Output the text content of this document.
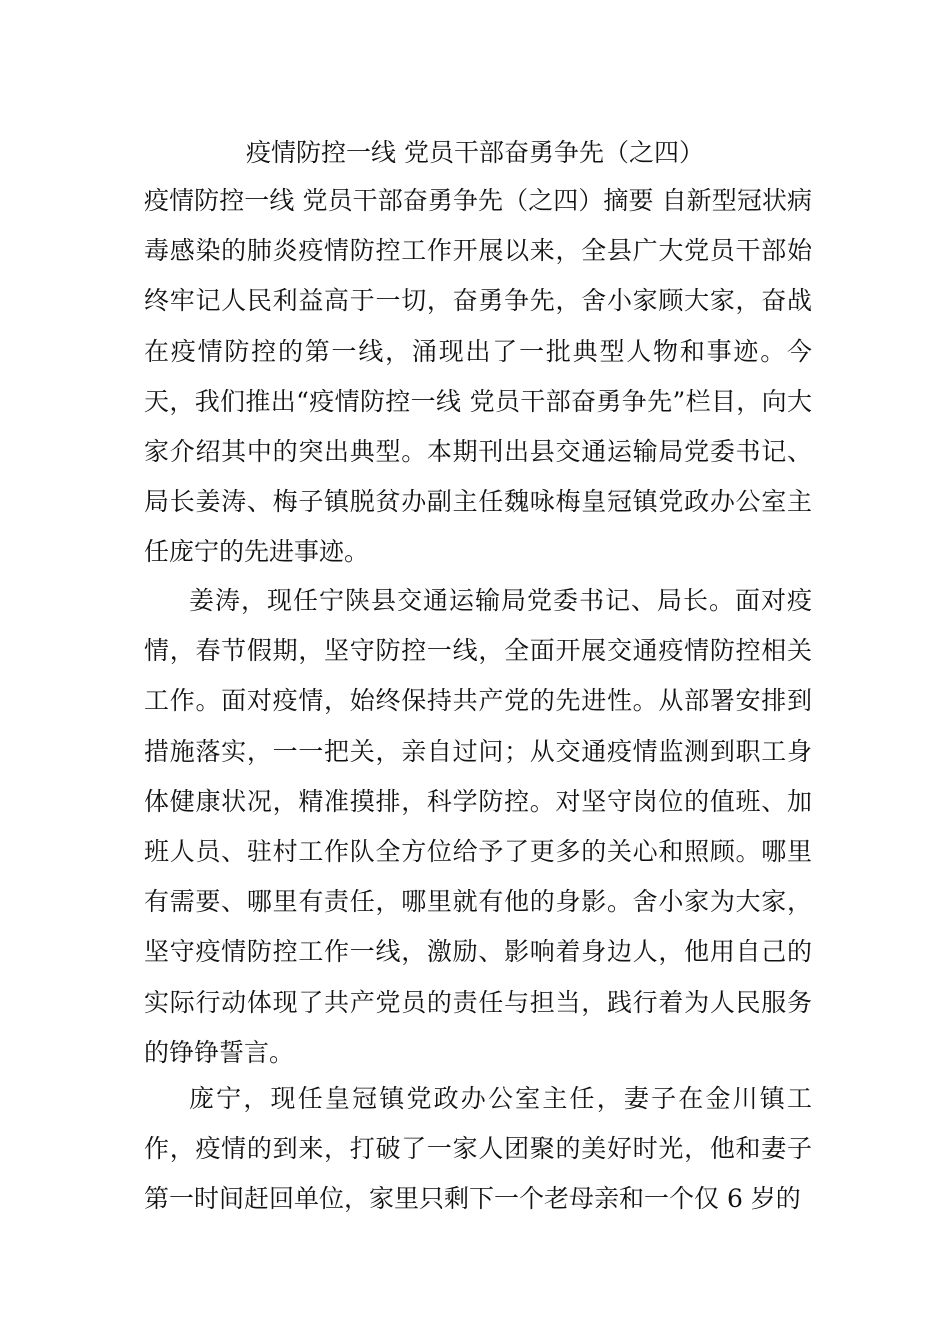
疫情防控一线 党员干部奋勇争先（之四）

疫情防控一线 党员干部奋勇争先（之四）摘要 自新型冠状病毒感染的肺炎疫情防控工作开展以来，全县广大党员干部始终牢记人民利益高于一切，奋勇争先，舍小家顾大家，奋战在疫情防控的第一线，涌现出了一批典型人物和事迹。今天，我们推出“疫情防控一线 党员干部奋勇争先”栏目，向大家介绍其中的突出典型。本期刊出县交通运输局党委书记、局长姜涛、梅子镇脱贫办副主任魏咏梅皇冠镇党政办公室主任庞宁的先进事迹。

姜涛，现任宁陕县交通运输局党委书记、局长。面对疫情，春节假期，坚守防控一线，全面开展交通疫情防控相关工作。面对疫情，始终保持共产党的先进性。从部署安排到措施落实，一一把关，亲自过问；从交通疫情监测到职工身体健康状况，精准摸排，科学防控。对坚守岗位的值班、加班人员、驻村工作队全方位给予了更多的关心和照顾。哪里有需要、哪里有责任，哪里就有他的身影。舍小家为大家，坚守疫情防控工作一线，激励、影响着身边人，他用自己的实际行动体现了共产党员的责任与担当，践行着为人民服务的铮铮誓言。

庞宁，现任皇冠镇党政办公室主任，妻子在金川镇工作，疫情的到来，打破了一家人团聚的美好时光，他和妻子第一时间赶回单位，家里只剩下一个老母亲和一个仅 6 岁的
